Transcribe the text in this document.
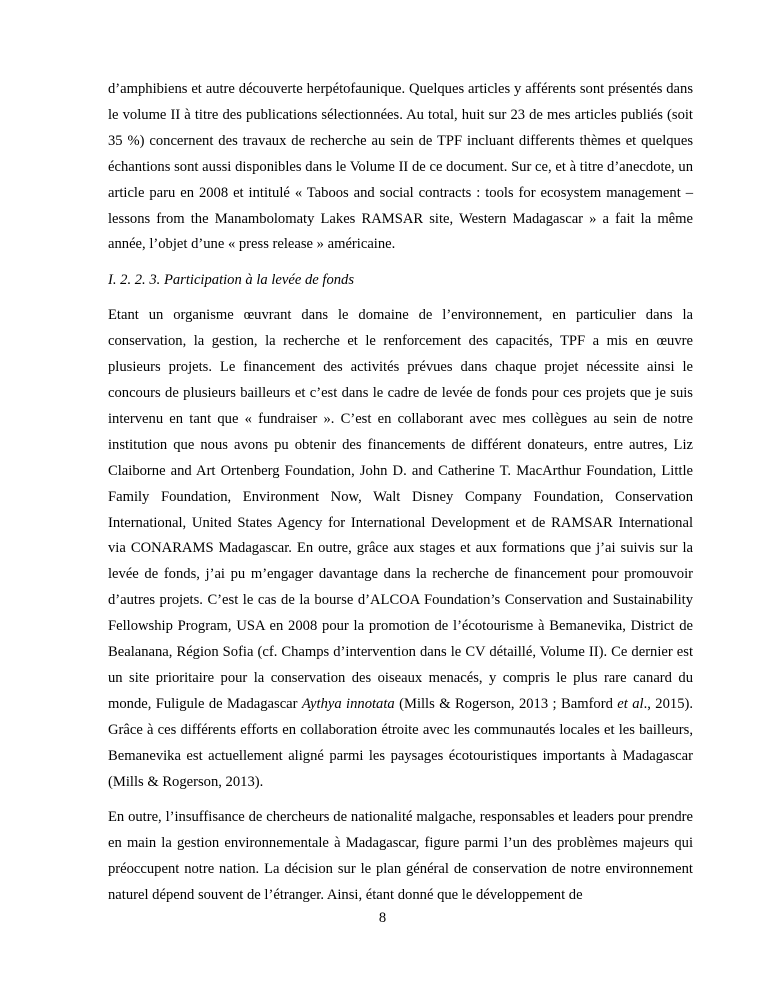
d’amphibiens et autre découverte herpétofaunique. Quelques articles y afférents sont présentés dans le volume II à titre des publications sélectionnées. Au total, huit sur 23 de mes articles publiés (soit 35 %) concernent des travaux de recherche au sein de TPF incluant differents thèmes et quelques échantions sont aussi disponibles dans le Volume II de ce document. Sur ce, et à titre d’anecdote, un article paru en 2008 et intitulé « Taboos and social contracts : tools for ecosystem management – lessons from the Manambolomaty Lakes RAMSAR site, Western Madagascar » a fait la même année, l’objet d’une « press release » américaine.

I. 2. 2. 3. Participation à la levée de fonds

Etant un organisme œuvrant dans le domaine de l’environnement, en particulier dans la conservation, la gestion, la recherche et le renforcement des capacités, TPF a mis en œuvre plusieurs projets. Le financement des activités prévues dans chaque projet nécessite ainsi le concours de plusieurs bailleurs et c’est dans le cadre de levée de fonds pour ces projets que je suis intervenu en tant que « fundraiser ». C’est en collaborant avec mes collègues au sein de notre institution que nous avons pu obtenir des financements de différent donateurs, entre autres, Liz Claiborne and Art Ortenberg Foundation, John D. and Catherine T. MacArthur Foundation, Little Family Foundation, Environment Now, Walt Disney Company Foundation, Conservation International, United States Agency for International Development et de RAMSAR International via CONARAMS Madagascar. En outre, grâce aux stages et aux formations que j’ai suivis sur la levée de fonds, j’ai pu m’engager davantage dans la recherche de financement pour promouvoir d’autres projets. C’est le cas de la bourse d’ALCOA Foundation’s Conservation and Sustainability Fellowship Program, USA en 2008 pour la promotion de l’écotourisme à Bemanevika, District de Bealanana, Région Sofia (cf. Champs d’intervention dans le CV détaillé, Volume II). Ce dernier est un site prioritaire pour la conservation des oiseaux menacés, y compris le plus rare canard du monde, Fuligule de Madagascar Aythya innotata (Mills & Rogerson, 2013 ; Bamford et al., 2015). Grâce à ces différents efforts en collaboration étroite avec les communautés locales et les bailleurs, Bemanevika est actuellement aligné parmi les paysages écotouristiques importants à Madagascar (Mills & Rogerson, 2013).

En outre, l’insuffisance de chercheurs de nationalité malgache, responsables et leaders pour prendre en main la gestion environnementale à Madagascar, figure parmi l’un des problèmes majeurs qui préoccupent notre nation. La décision sur le plan général de conservation de notre environnement naturel dépend souvent de l’étranger. Ainsi, étant donné que le développement de

8
